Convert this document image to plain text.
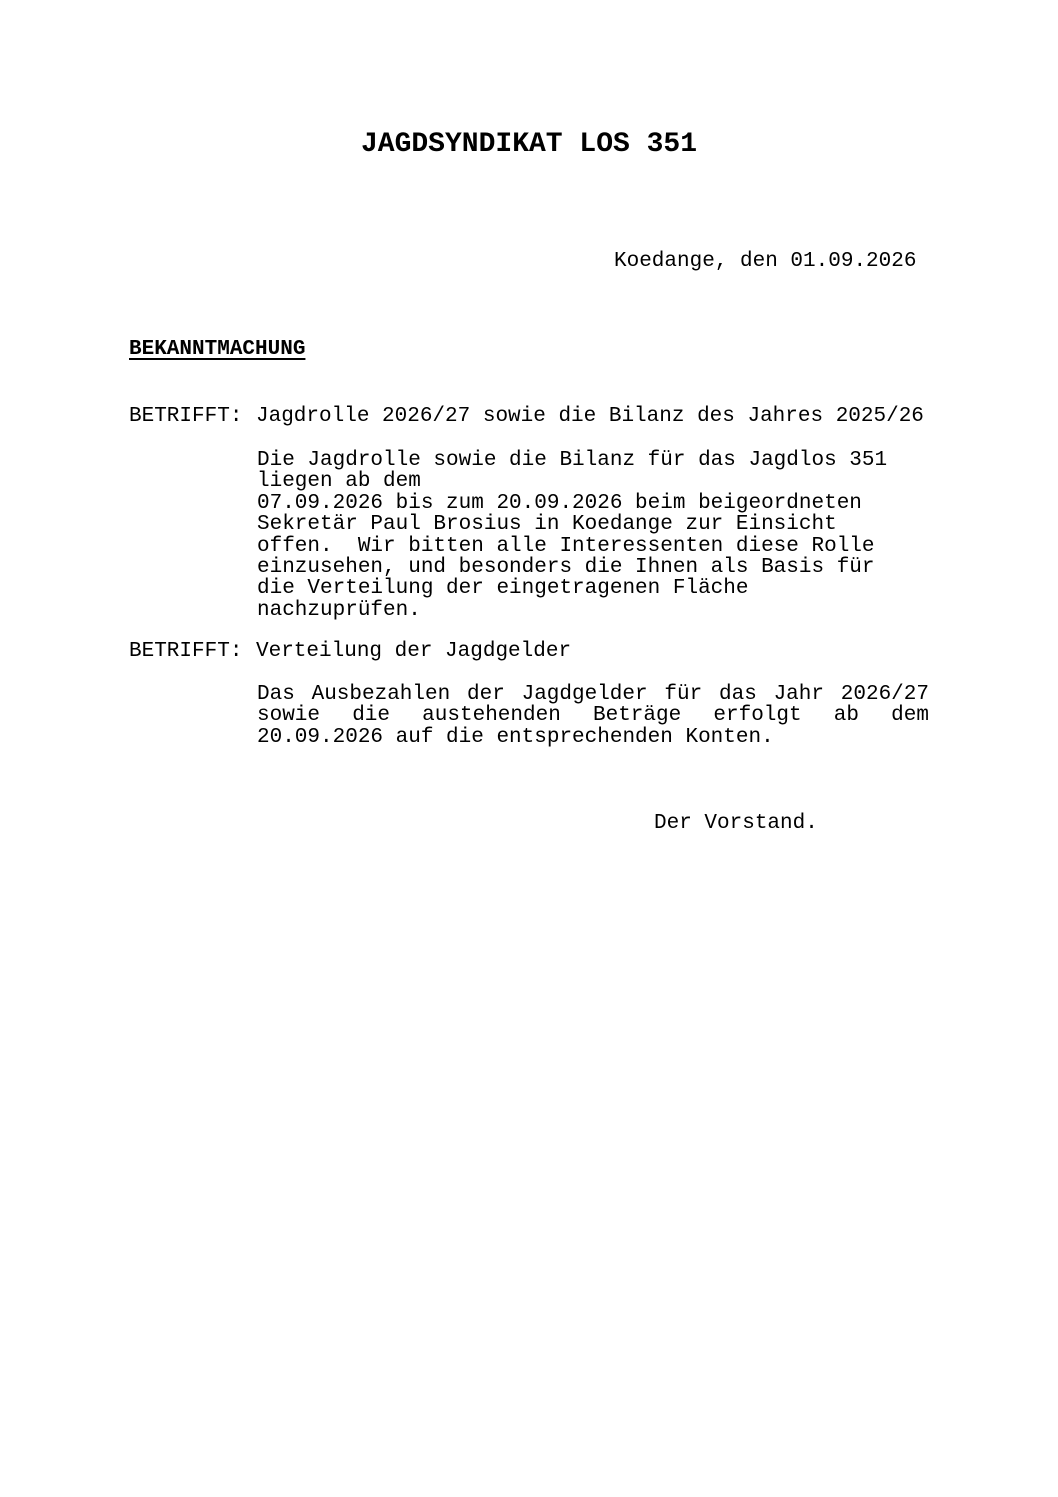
JAGDSYNDIKAT LOS 351

Koedange, den 01.09.2026

BEKANNTMACHUNG

BETRIFFT: Jagdrolle 2026/27 sowie die Bilanz des Jahres 2025/26

Die Jagdrolle sowie die Bilanz für das Jagdlos 351
liegen ab dem
07.09.2026 bis zum 20.09.2026 beim beigeordneten
Sekretär Paul Brosius in Koedange zur Einsicht
offen.  Wir bitten alle Interessenten diese Rolle
einzusehen, und besonders die Ihnen als Basis für
die Verteilung der eingetragenen Fläche
nachzuprüfen.

BETRIFFT: Verteilung der Jagdgelder

Das Ausbezahlen der Jagdgelder für das Jahr 2026/27
sowie die austehenden Beträge erfolgt ab dem
20.09.2026 auf die entsprechenden Konten.

Der Vorstand.
